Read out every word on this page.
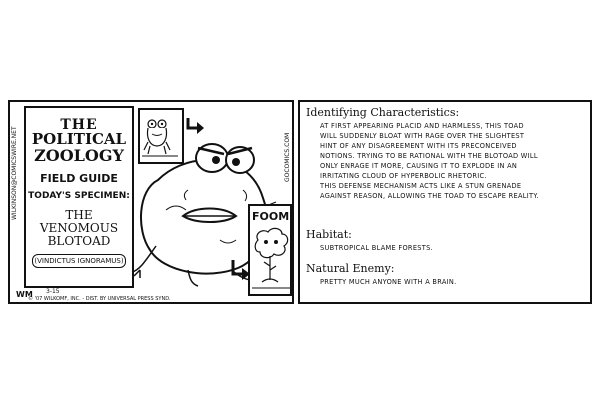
WILKINSON@COMICSWIRE.NET
THE
POLITICAL
ZOOLOGY
FIELD GUIDE
TODAY'S SPECIMEN:
THE
VENOMOUS
BLOTOAD
(VINDICTUS IGNORAMUS)
FOOM
GOCOMICS.COM
WM 3-15
© '07 WILKOMF, INC. - DIST. BY UNIVERSAL PRESS SYND.
Identifying Characteristics:
AT FIRST APPEARING PLACID AND HARMLESS, THIS TOAD
WILL SUDDENLY BLOAT WITH RAGE OVER THE SLIGHTEST
HINT OF ANY DISAGREEMENT WITH ITS PRECONCEIVED
NOTIONS. TRYING TO BE RATIONAL WITH THE BLOTOAD WILL
ONLY ENRAGE IT MORE, CAUSING IT TO EXPLODE IN AN
IRRITATING CLOUD OF HYPERBOLIC RHETORIC.
THIS DEFENSE MECHANISM ACTS LIKE A STUN GRENADE
AGAINST REASON, ALLOWING THE TOAD TO ESCAPE REALITY.
Habitat:
SUBTROPICAL BLAME FORESTS.
Natural Enemy:
PRETTY MUCH ANYONE WITH A BRAIN.
